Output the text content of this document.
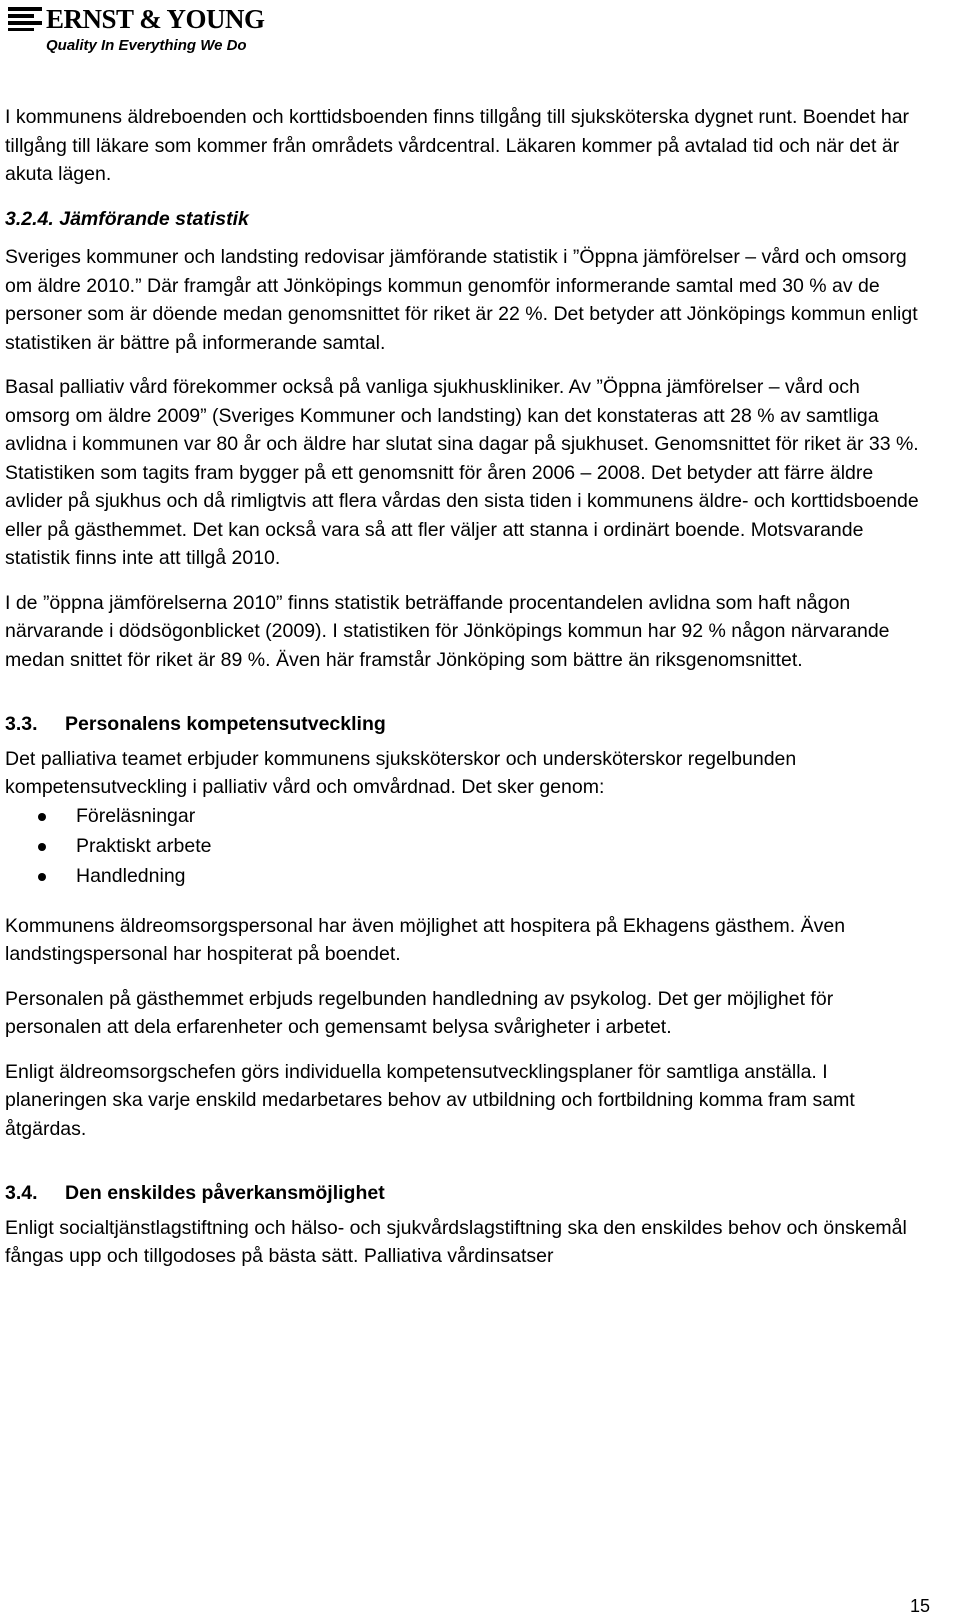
ERNST & YOUNG
Quality In Everything We Do

I kommunens äldreboenden och korttidsboenden finns tillgång till sjuksköterska dygnet runt. Boendet har tillgång till läkare som kommer från områdets vårdcentral. Läkaren kommer på avtalad tid och när det är akuta lägen.

3.2.4. Jämförande statistik

Sveriges kommuner och landsting redovisar jämförande statistik i ”Öppna jämförelser – vård och omsorg om äldre 2010.” Där framgår att Jönköpings kommun genomför informerande samtal med 30 % av de personer som är döende medan genomsnittet för riket är 22 %. Det betyder att Jönköpings kommun enligt statistiken är bättre på informerande samtal.

Basal palliativ vård förekommer också på vanliga sjukhuskliniker. Av ”Öppna jämförelser – vård och omsorg om äldre 2009” (Sveriges Kommuner och landsting) kan det konstateras att 28 % av samtliga avlidna i kommunen var 80 år och äldre har slutat sina dagar på sjukhuset. Genomsnittet för riket är 33 %. Statistiken som tagits fram bygger på ett genomsnitt för åren 2006 – 2008. Det betyder att färre äldre avlider på sjukhus och då rimligtvis att flera vårdas den sista tiden i kommunens äldre- och korttidsboende eller på gästhemmet. Det kan också vara så att fler väljer att stanna i ordinärt boende. Motsvarande statistik finns inte att tillgå 2010.

I de ”öppna jämförelserna 2010” finns statistik beträffande procentandelen avlidna som haft någon närvarande i dödsögonblicket (2009). I statistiken för Jönköpings kommun har 92 % någon närvarande medan snittet för riket är 89 %. Även här framstår Jönköping som bättre än riksgenomsnittet.

3.3.	Personalens kompetensutveckling

Det palliativa teamet erbjuder kommunens sjuksköterskor och undersköterskor regelbunden kompetensutveckling i palliativ vård och omvårdnad. Det sker genom:

Föreläsningar
Praktiskt arbete
Handledning

Kommunens äldreomsorgspersonal har även möjlighet att hospitera på Ekhagens gästhem. Även landstingspersonal har hospiterat på boendet.

Personalen på gästhemmet erbjuds regelbunden handledning av psykolog. Det ger möjlighet för personalen att dela erfarenheter och gemensamt belysa svårigheter i arbetet.

Enligt äldreomsorgschefen görs individuella kompetensutvecklingsplaner för samtliga anställa. I planeringen ska varje enskild medarbetares behov av utbildning och fortbildning komma fram samt åtgärdas.

3.4.	Den enskildes påverkansmöjlighet

Enligt socialtjänstlagstiftning och hälso- och sjukvårdslagstiftning ska den enskildes behov och önskemål fångas upp och tillgodoses på bästa sätt. Palliativa vårdinsatser

15
